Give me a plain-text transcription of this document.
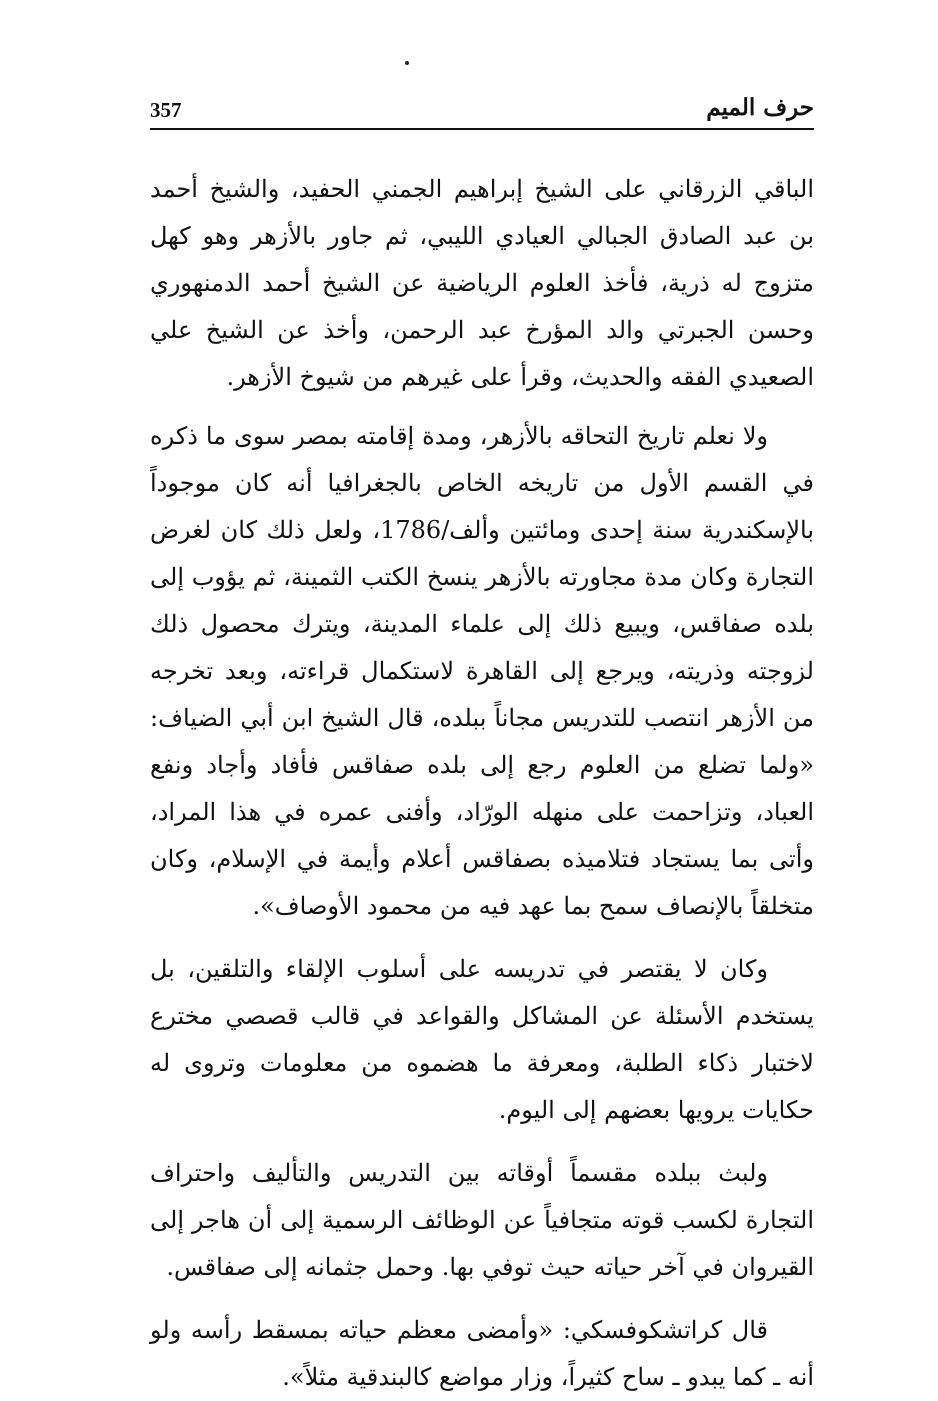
357	حرف الميم

الباقي الزرقاني على الشيخ إبراهيم الجمني الحفيد، والشيخ أحمد بن عبد الصادق الجبالي العيادي الليبي، ثم جاور بالأزهر وهو كهل متزوج له ذرية، فأخذ العلوم الرياضية عن الشيخ أحمد الدمنهوري وحسن الجبرتي والد المؤرخ عبد الرحمن، وأخذ عن الشيخ علي الصعيدي الفقه والحديث، وقرأ على غيرهم من شيوخ الأزهر.

ولا نعلم تاريخ التحاقه بالأزهر، ومدة إقامته بمصر سوى ما ذكره في القسم الأول من تاريخه الخاص بالجغرافيا أنه كان موجوداً بالإسكندرية سنة إحدى ومائتين وألف/1786، ولعل ذلك كان لغرض التجارة وكان مدة مجاورته بالأزهر ينسخ الكتب الثمينة، ثم يؤوب إلى بلده صفاقس، ويبيع ذلك إلى علماء المدينة، ويترك محصول ذلك لزوجته وذريته، ويرجع إلى القاهرة لاستكمال قراءته، وبعد تخرجه من الأزهر انتصب للتدريس مجاناً ببلده، قال الشيخ ابن أبي الضياف: «ولما تضلع من العلوم رجع إلى بلده صفاقس فأفاد وأجاد ونفع العباد، وتزاحمت على منهله الورّاد، وأفنى عمره في هذا المراد، وأتى بما يستجاد فتلاميذه بصفاقس أعلام وأيمة في الإسلام، وكان متخلقاً بالإنصاف سمح بما عهد فيه من محمود الأوصاف».

وكان لا يقتصر في تدريسه على أسلوب الإلقاء والتلقين، بل يستخدم الأسئلة عن المشاكل والقواعد في قالب قصصي مخترع لاختبار ذكاء الطلبة، ومعرفة ما هضموه من معلومات وتروى له حكايات يرويها بعضهم إلى اليوم.

ولبث ببلده مقسماً أوقاته بين التدريس والتأليف واحتراف التجارة لكسب قوته متجافياً عن الوظائف الرسمية إلى أن هاجر إلى القيروان في آخر حياته حيث توفي بها. وحمل جثمانه إلى صفاقس.

قال كراتشكوفسكي: «وأمضى معظم حياته بمسقط رأسه ولو أنه ـ كما يبدو ـ ساح كثيراً، وزار مواضع كالبندقية مثلاً».
